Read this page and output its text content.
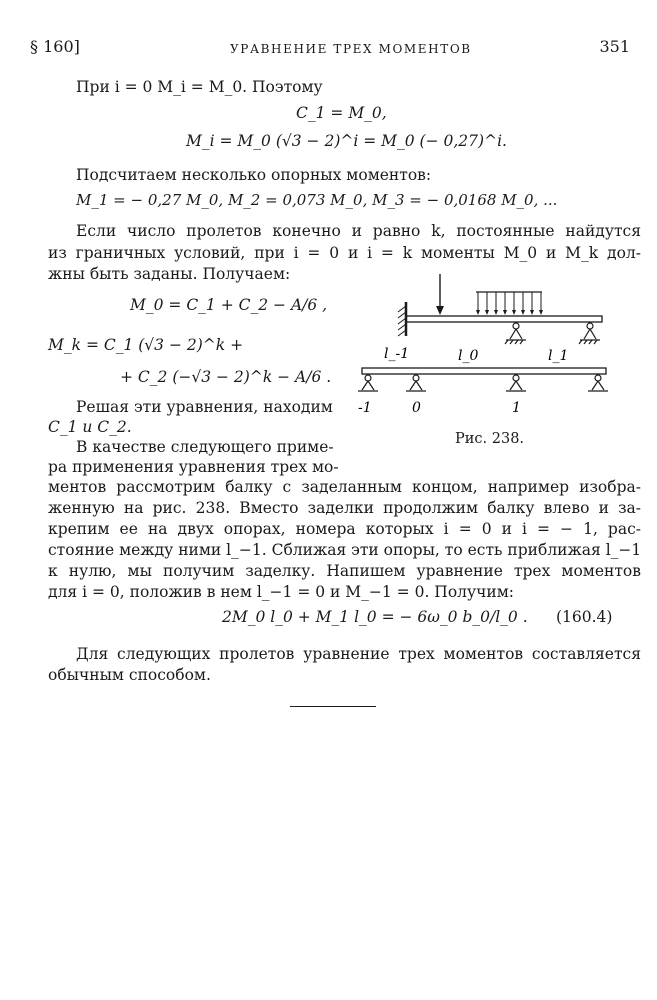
§ 160]	УРАВНЕНИЕ ТРЕХ МОМЕНТОВ	351
При i = 0 M_i = M_0. Поэтому
C_1 = M_0,
M_i = M_0 (√3 − 2)^i = M_0 (− 0,27)^i.
Подсчитаем несколько опорных моментов:
M_1 = − 0,27 M_0, M_2 = 0,073 M_0, M_3 = − 0,0168 M_0, ...
Если число пролетов конечно и равно k, постоянные найдутся
из граничных условий, при i = 0 и i = k моменты M_0 и M_k дол-
жны быть заданы. Получаем:
M_0 = C_1 + C_2 − A/6 ,
M_k = C_1 (√3 − 2)^k +
+ C_2 (−√3 − 2)^k − A/6 .
Решая эти уравнения, находим
C_1 и C_2.
В качестве следующего приме-
ра применения уравнения трех мо-
ментов рассмотрим балку с заделанным концом, например изобра-
женную на рис. 238. Вместо заделки продолжим балку влево и за-
крепим ее на двух опорах, номера которых i = 0 и i = − 1, рас-
стояние между ними l_−1. Сближая эти опоры, то есть приближая l_−1
к нулю, мы получим заделку. Напишем уравнение трех моментов
для i = 0, положив в нем l_−1 = 0 и M_−1 = 0. Получим:
2M_0 l_0 + M_1 l_0 = − 6ω_0 b_0/l_0 . (160.4)
Для следующих пролетов уравнение трех моментов составляется
обычным способом.
l_-1	l_0	l_1
-1	0	1
Рис. 238.
